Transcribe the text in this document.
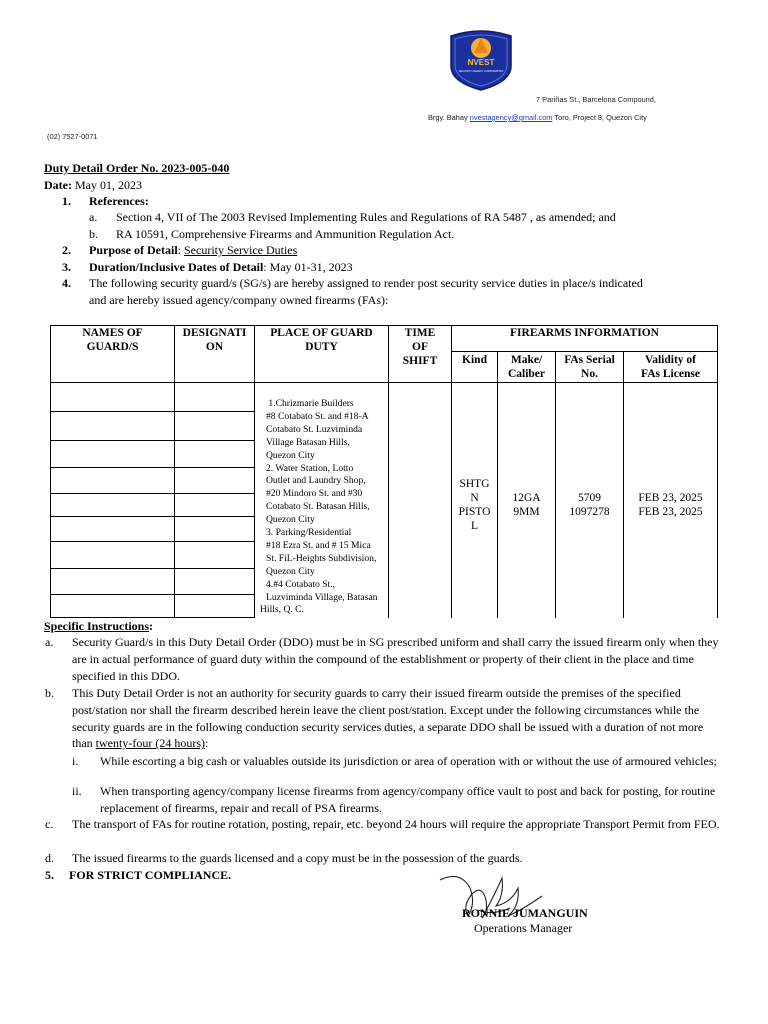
NVEST
SECURITY AGENCY CORPORATION
7 Pariñas St., Barcelona Compound,
Brgy. Bahay nvestagency@gmail.com Toro, Project 8, Quezon City
(02) 7527-0071
Duty Detail Order No. 2023-005-040
Date: May 01, 2023
1. References:
a. Section 4, VII of The 2003 Revised Implementing Rules and Regulations of RA 5487 , as amended; and
b. RA 10591, Comprehensive Firearms and Ammunition Regulation Act.
2. Purpose of Detail: Security Service Duties
3. Duration/Inclusive Dates of Detail: May 01-31, 2023
4. The following security guard/s (SG/s) are hereby assigned to render post security service duties in place/s indicated
and are hereby issued agency/company owned firearms (FAs):
NAMES OF
GUARD/S
DESIGNATI
ON
PLACE OF GUARD
DUTY
TIME
OF
SHIFT
FIREARMS INFORMATION
Kind	Make/
Caliber
FAs Serial
No.
Validity of
FAs License
1.Chrizmarie Builders
#8 Cotabato St. and #18-A
Cotabato St. Luzviminda
Village Batasan Hills,
Quezon City
2. Water Station, Lotto
Outlet and Laundry Shop,
#20 Mindoro St. and #30
Cotabato St. Batasan Hills,
Quezon City
3. Parking/Residential
#18 Ezra St. and # 15 Mica
St. FiL-Heights Subdivision,
Quezon City
4.#4 Cotabato St.,
Luzviminda Village, Batasan
Hills, Q. C.
SHTG
N
PISTO
L
12GA
9MM
5709
1097278
FEB 23, 2025
FEB 23, 2025
Specific Instructions:
a. Security Guard/s in this Duty Detail Order (DDO) must be in SG prescribed uniform and shall carry the issued firearm only when they are in actual performance of guard duty within the compound of the establishment or property of their client in the place and time specified in this DDO.
b. This Duty Detail Order is not an authority for security guards to carry their issued firearm outside the premises of the specified post/station nor shall the firearm described herein leave the client post/station. Except under the following circumstances while the security guards are in the following conduction security services duties, a separate DDO shall be issued with a duration of not more than twenty-four (24 hours):
i. While escorting a big cash or valuables outside its jurisdiction or area of operation with or without the use of armoured vehicles;
ii. When transporting agency/company license firearms from agency/company office vault to post and back for posting, for routine replacement of firearms, repair and recall of PSA firearms.
c. The transport of FAs for routine rotation, posting, repair, etc. beyond 24 hours will require the appropriate Transport Permit from FEO.
d. The issued firearms to the guards licensed and a copy must be in the possession of the guards.
5. FOR STRICT COMPLIANCE.
RONNIE JUMANGUIN
Operations Manager
